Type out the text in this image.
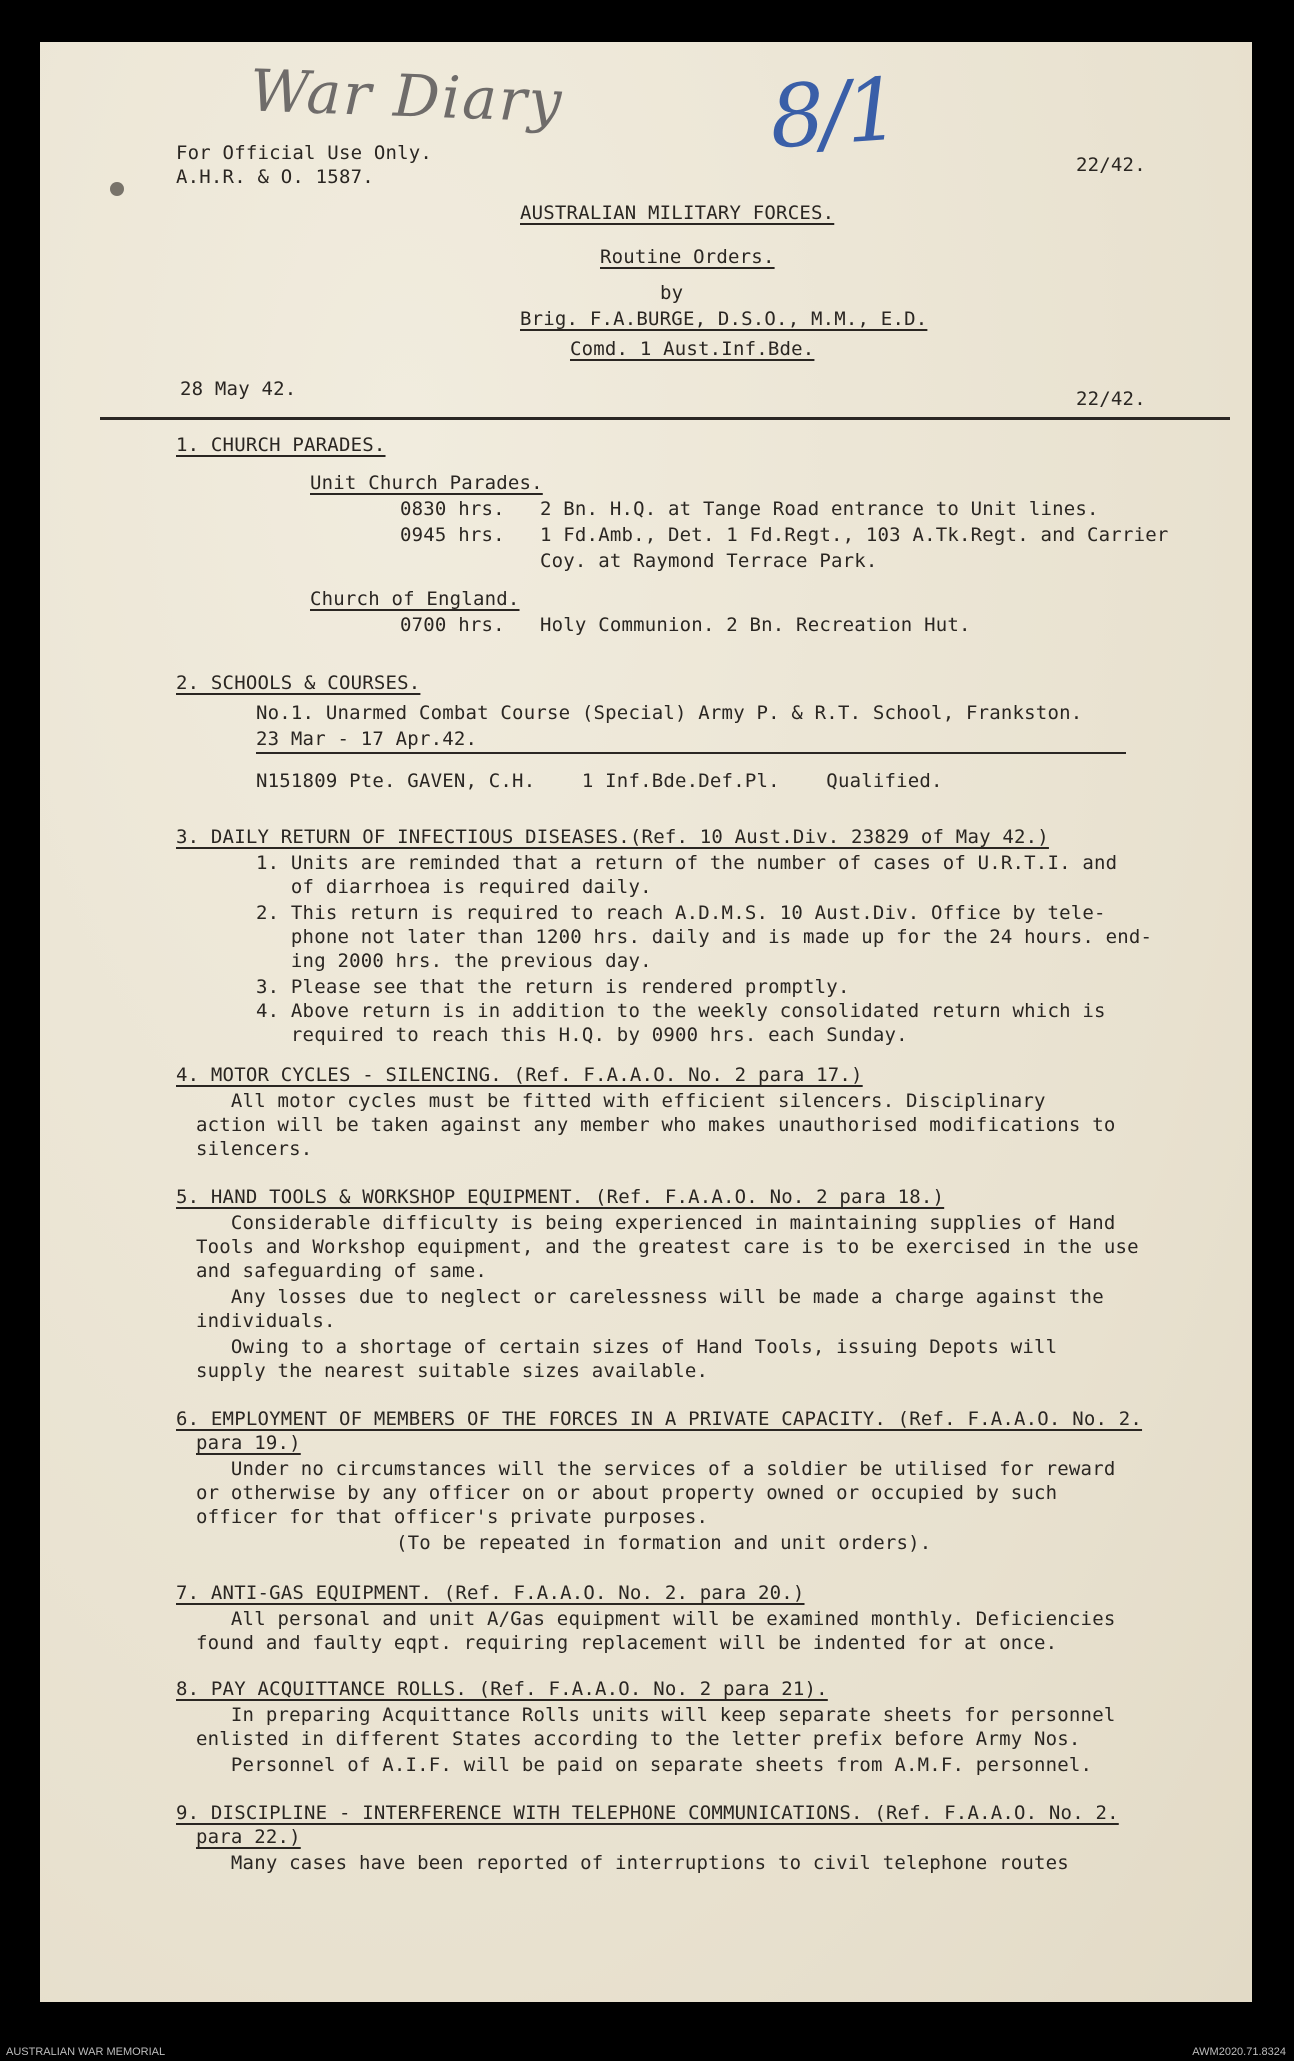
War Diary 8/1
For Official Use Only.
A.H.R. & O. 1587.
22/42.
AUSTRALIAN MILITARY FORCES.
Routine Orders.
by
Brig. F.A.BURGE, D.S.O., M.M., E.D.
Comd. 1 Aust.Inf.Bde.
28 May 42.	22/42.
1. CHURCH PARADES.
Unit Church Parades.
0830 hrs. 2 Bn. H.Q. at Tange Road entrance to Unit lines.
0945 hrs. 1 Fd.Amb., Det. 1 Fd.Regt., 103 A.Tk.Regt. and Carrier
Coy. at Raymond Terrace Park.
Church of England.
0700 hrs. Holy Communion. 2 Bn. Recreation Hut.
2. SCHOOLS & COURSES.
No.1. Unarmed Combat Course (Special) Army P. & R.T. School, Frankston.
23 Mar - 17 Apr.42.
N151809 Pte. GAVEN, C.H.    1 Inf.Bde.Def.Pl.    Qualified.
3. DAILY RETURN OF INFECTIOUS DISEASES.(Ref. 10 Aust.Div. 23829 of May 42.)
1. Units are reminded that a return of the number of cases of U.R.T.I. and
of diarrhoea is required daily.
2. This return is required to reach A.D.M.S. 10 Aust.Div. Office by tele-
phone not later than 1200 hrs. daily and is made up for the 24 hours. end-
ing 2000 hrs. the previous day.
3. Please see that the return is rendered promptly.
4. Above return is in addition to the weekly consolidated return which is
required to reach this H.Q. by 0900 hrs. each Sunday.
4. MOTOR CYCLES - SILENCING. (Ref. F.A.A.O. No. 2 para 17.)
All motor cycles must be fitted with efficient silencers. Disciplinary
action will be taken against any member who makes unauthorised modifications to
silencers.
5. HAND TOOLS & WORKSHOP EQUIPMENT. (Ref. F.A.A.O. No. 2 para 18.)
Considerable difficulty is being experienced in maintaining supplies of Hand
Tools and Workshop equipment, and the greatest care is to be exercised in the use
and safeguarding of same.
Any losses due to neglect or carelessness will be made a charge against the
individuals.
Owing to a shortage of certain sizes of Hand Tools, issuing Depots will
supply the nearest suitable sizes available.
6. EMPLOYMENT OF MEMBERS OF THE FORCES IN A PRIVATE CAPACITY. (Ref. F.A.A.O. No. 2.
para 19.)
Under no circumstances will the services of a soldier be utilised for reward
or otherwise by any officer on or about property owned or occupied by such
officer for that officer's private purposes.
(To be repeated in formation and unit orders).
7. ANTI-GAS EQUIPMENT. (Ref. F.A.A.O. No. 2. para 20.)
All personal and unit A/Gas equipment will be examined monthly. Deficiencies
found and faulty eqpt. requiring replacement will be indented for at once.
8. PAY ACQUITTANCE ROLLS. (Ref. F.A.A.O. No. 2 para 21).
In preparing Acquittance Rolls units will keep separate sheets for personnel
enlisted in different States according to the letter prefix before Army Nos.
Personnel of A.I.F. will be paid on separate sheets from A.M.F. personnel.
9. DISCIPLINE - INTERFERENCE WITH TELEPHONE COMMUNICATIONS. (Ref. F.A.A.O. No. 2.
para 22.)
Many cases have been reported of interruptions to civil telephone routes
AUSTRALIAN WAR MEMORIAL	AWM2020.71.8324
